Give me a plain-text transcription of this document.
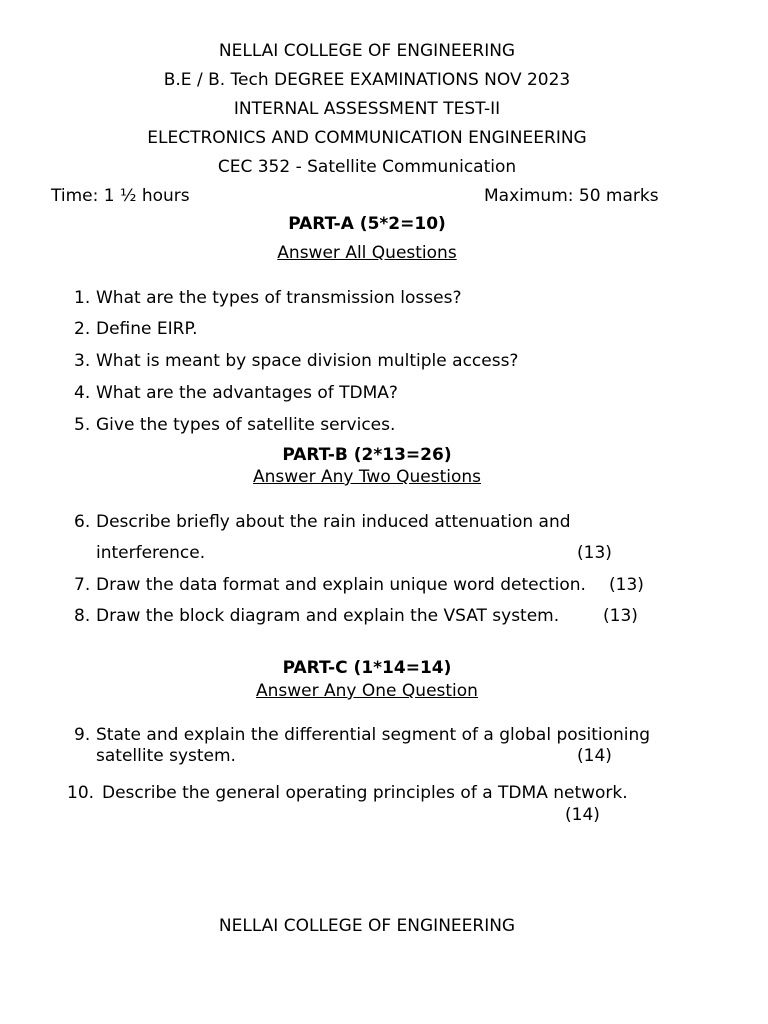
NELLAI COLLEGE OF ENGINEERING
B.E / B. Tech DEGREE EXAMINATIONS NOV 2023
INTERNAL ASSESSMENT TEST-II
ELECTRONICS AND COMMUNICATION ENGINEERING
CEC 352 - Satellite Communication
Time: 1 ½ hours	Maximum: 50 marks
PART-A (5*2=10)
Answer All Questions
1. What are the types of transmission losses?
2. Define EIRP.
3. What is meant by space division multiple access?
4. What are the advantages of TDMA?
5. Give the types of satellite services.
PART-B (2*13=26)
Answer Any Two Questions
6. Describe briefly about the rain induced attenuation and
interference.	(13)
7. Draw the data format and explain unique word detection. (13)
8. Draw the block diagram and explain the VSAT system.	(13)
PART-C (1*14=14)
Answer Any One Question
9. State and explain the differential segment of a global positioning
satellite system.	(14)
10. Describe the general operating principles of a TDMA network.
(14)
NELLAI COLLEGE OF ENGINEERING
